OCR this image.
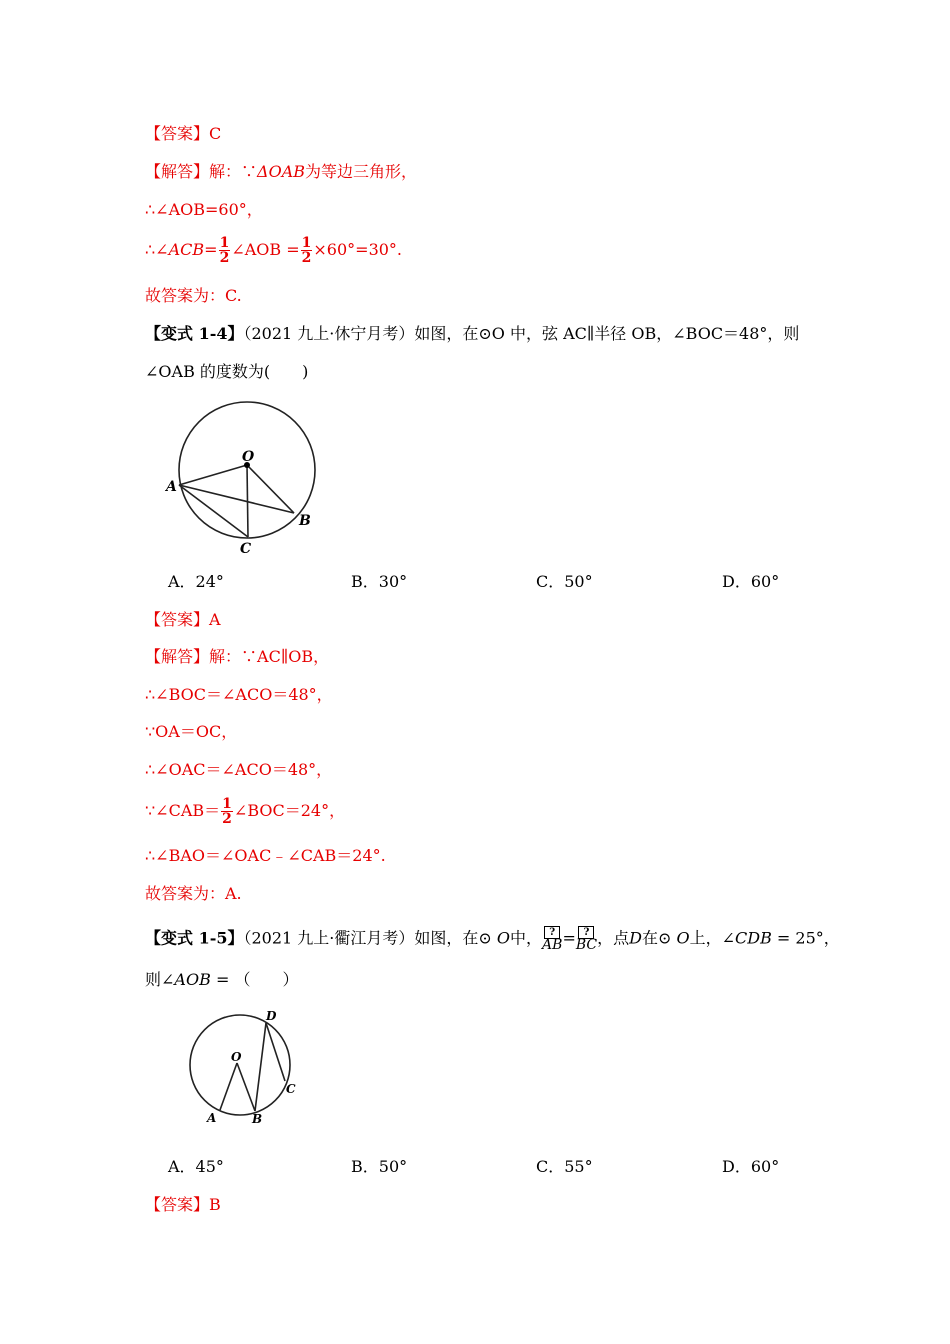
【答案】C
【解答】解：∵ΔOAB为等边三角形，
∴∠AOB=60°，
∴∠ACB= $\frac{1}{2}$ ∠AOB = $\frac{1}{2} \times 60^\circ=30^\circ$.
故答案为：C.
【变式 1-4】（2021 九上·休宁月考）如图，在⊙O 中，弦 AC∥半径 OB，∠BOC＝48°，则
∠OAB 的度数为(　　)
O
A
B
C
A．24°	B．30°	C．50°	D．60°
【答案】A
【解答】解：∵AC∥OB，
∴∠BOC＝∠ACO＝48°，
∵OA＝OC，
∴∠OAC＝∠ACO＝48°，
∵∠CAB＝ $\frac{1}{2}$ ∠BOC＝24°，
∴∠BAO＝∠OAC﹣∠CAB＝24°.
故答案为：A.
【变式 1-5】（2021 九上·衢江月考）如图，在⊙ O中， $\frac{?}{AB} = \frac{?}{BC}$ ，点D在⊙ O上，∠CDB = 25°，
则∠AOB = （　　）
O
A	B
C
D
A．45°	B．50°	C．55°	D．60°
【答案】B
